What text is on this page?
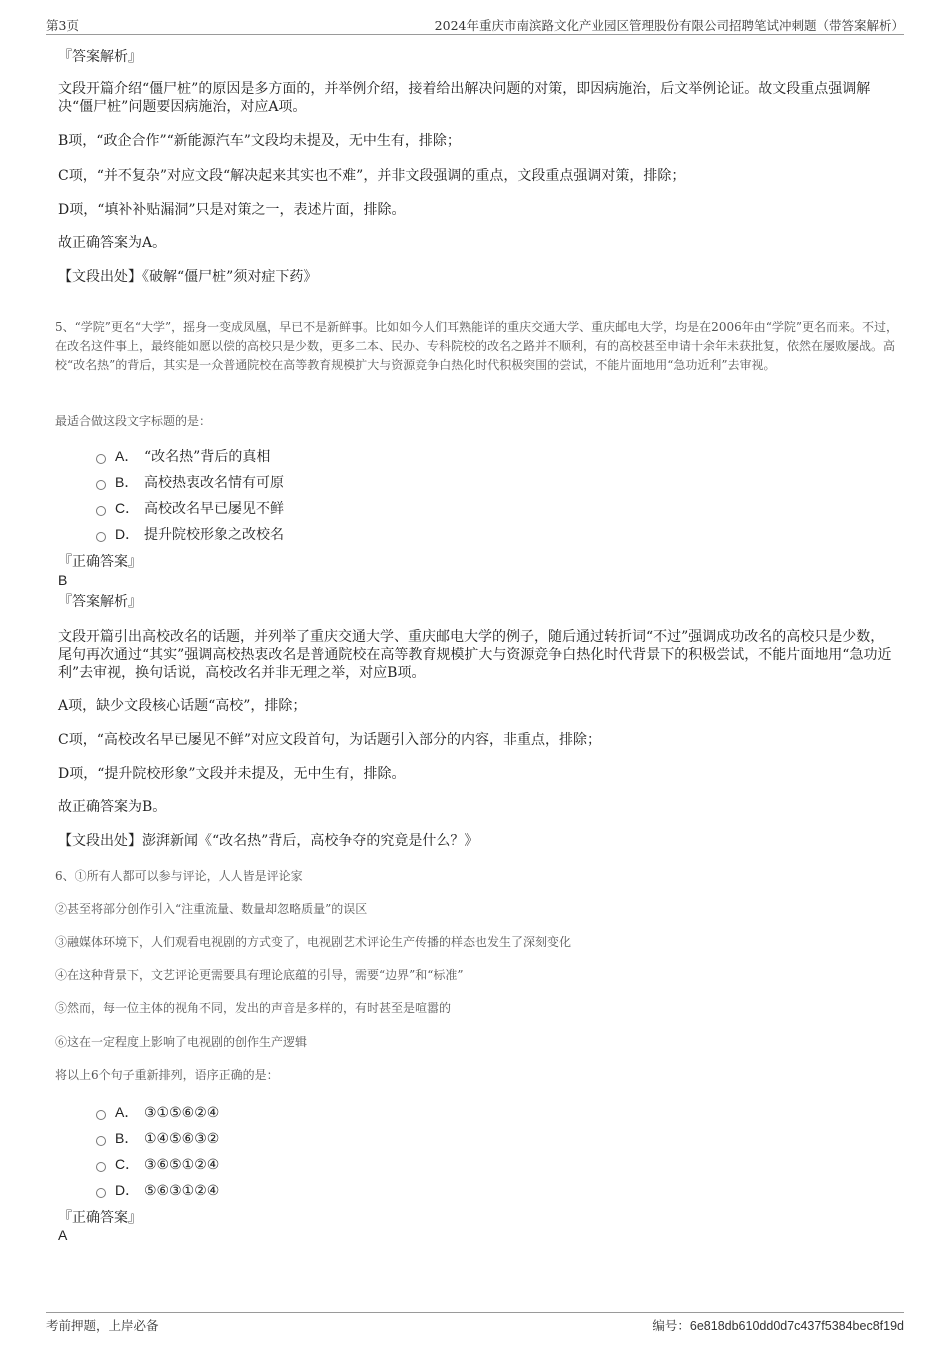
第3页	2024年重庆市南滨路文化产业园区管理股份有限公司招聘笔试冲刺题（带答案解析）
『答案解析』

文段开篇介绍“僵尸桩”的原因是多方面的，并举例介绍，接着给出解决问题的对策，即因病施治，后文举例论证。故文段重点强调解决“僵尸桩”问题要因病施治，对应A项。

B项，“政企合作”“新能源汽车”文段均未提及，无中生有，排除；

C项，“并不复杂”对应文段“解决起来其实也不难”，并非文段强调的重点，文段重点强调对策，排除；

D项，“填补补贴漏洞”只是对策之一，表述片面，排除。

故正确答案为A。

【文段出处】《破解“僵尸桩”须对症下药》

5、“学院”更名“大学”，摇身一变成凤凰，早已不是新鲜事。比如如今人们耳熟能详的重庆交通大学、重庆邮电大学，均是在2006年由“学院”更名而来。不过，在改名这件事上，最终能如愿以偿的高校只是少数，更多二本、民办、专科院校的改名之路并不顺利，有的高校甚至申请十余年未获批复，依然在屡败屡战。高校“改名热”的背后，其实是一众普通院校在高等教育规模扩大与资源竞争白热化时代积极突围的尝试，不能片面地用“急功近利”去审视。

最适合做这段文字标题的是：

A． “改名热”背后的真相
B． 高校热衷改名情有可原
C． 高校改名早已屡见不鲜
D． 提升院校形象之改校名
『正确答案』
B
『答案解析』

文段开篇引出高校改名的话题，并列举了重庆交通大学、重庆邮电大学的例子，随后通过转折词“不过”强调成功改名的高校只是少数，尾句再次通过“其实”强调高校热衷改名是普通院校在高等教育规模扩大与资源竞争白热化时代背景下的积极尝试，不能片面地用“急功近利”去审视，换句话说，高校改名并非无理之举，对应B项。

A项，缺少文段核心话题“高校”，排除；

C项，“高校改名早已屡见不鲜”对应文段首句，为话题引入部分的内容，非重点，排除；

D项，“提升院校形象”文段并未提及，无中生有，排除。

故正确答案为B。

【文段出处】澎湃新闻《“改名热”背后，高校争夺的究竟是什么？》

6、①所有人都可以参与评论，人人皆是评论家

②甚至将部分创作引入“注重流量、数量却忽略质量”的误区

③融媒体环境下，人们观看电视剧的方式变了，电视剧艺术评论生产传播的样态也发生了深刻变化

④在这种背景下，文艺评论更需要具有理论底蕴的引导，需要“边界”和“标准”

⑤然而，每一位主体的视角不同，发出的声音是多样的，有时甚至是喧嚣的

⑥这在一定程度上影响了电视剧的创作生产逻辑

将以上6个句子重新排列，语序正确的是：

A． ③①⑤⑥②④
B． ①④⑤⑥③②
C． ③⑥⑤①②④
D． ⑤⑥③①②④
『正确答案』
A
考前押题，上岸必备	编号：6e818db610dd0d7c437f5384bec8f19d
